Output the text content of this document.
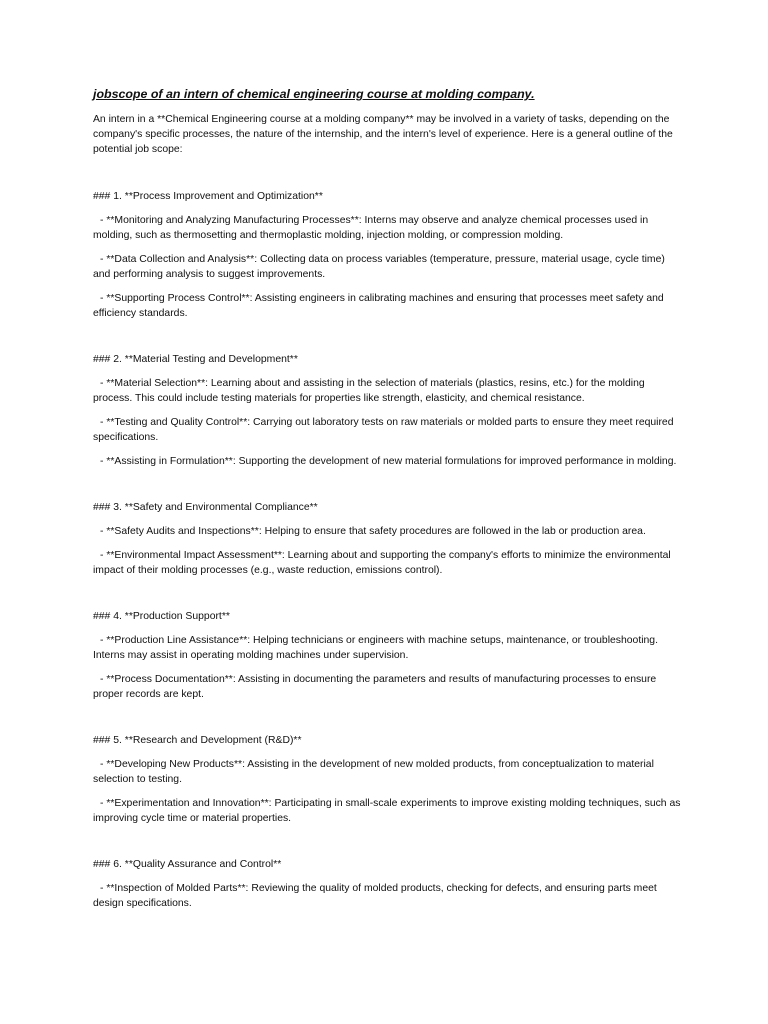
jobscope of an intern of chemical engineering course at molding company.
An intern in a **Chemical Engineering course at a molding company** may be involved in a variety of tasks, depending on the company's specific processes, the nature of the internship, and the intern's level of experience. Here is a general outline of the potential job scope:
### 1. **Process Improvement and Optimization**
- **Monitoring and Analyzing Manufacturing Processes**: Interns may observe and analyze chemical processes used in molding, such as thermosetting and thermoplastic molding, injection molding, or compression molding.
- **Data Collection and Analysis**: Collecting data on process variables (temperature, pressure, material usage, cycle time) and performing analysis to suggest improvements.
- **Supporting Process Control**: Assisting engineers in calibrating machines and ensuring that processes meet safety and efficiency standards.
### 2. **Material Testing and Development**
- **Material Selection**: Learning about and assisting in the selection of materials (plastics, resins, etc.) for the molding process. This could include testing materials for properties like strength, elasticity, and chemical resistance.
- **Testing and Quality Control**: Carrying out laboratory tests on raw materials or molded parts to ensure they meet required specifications.
- **Assisting in Formulation**: Supporting the development of new material formulations for improved performance in molding.
### 3. **Safety and Environmental Compliance**
- **Safety Audits and Inspections**: Helping to ensure that safety procedures are followed in the lab or production area.
- **Environmental Impact Assessment**: Learning about and supporting the company's efforts to minimize the environmental impact of their molding processes (e.g., waste reduction, emissions control).
### 4. **Production Support**
- **Production Line Assistance**: Helping technicians or engineers with machine setups, maintenance, or troubleshooting. Interns may assist in operating molding machines under supervision.
- **Process Documentation**: Assisting in documenting the parameters and results of manufacturing processes to ensure proper records are kept.
### 5. **Research and Development (R&D)**
- **Developing New Products**: Assisting in the development of new molded products, from conceptualization to material selection to testing.
- **Experimentation and Innovation**: Participating in small-scale experiments to improve existing molding techniques, such as improving cycle time or material properties.
### 6. **Quality Assurance and Control**
- **Inspection of Molded Parts**: Reviewing the quality of molded products, checking for defects, and ensuring parts meet design specifications.
